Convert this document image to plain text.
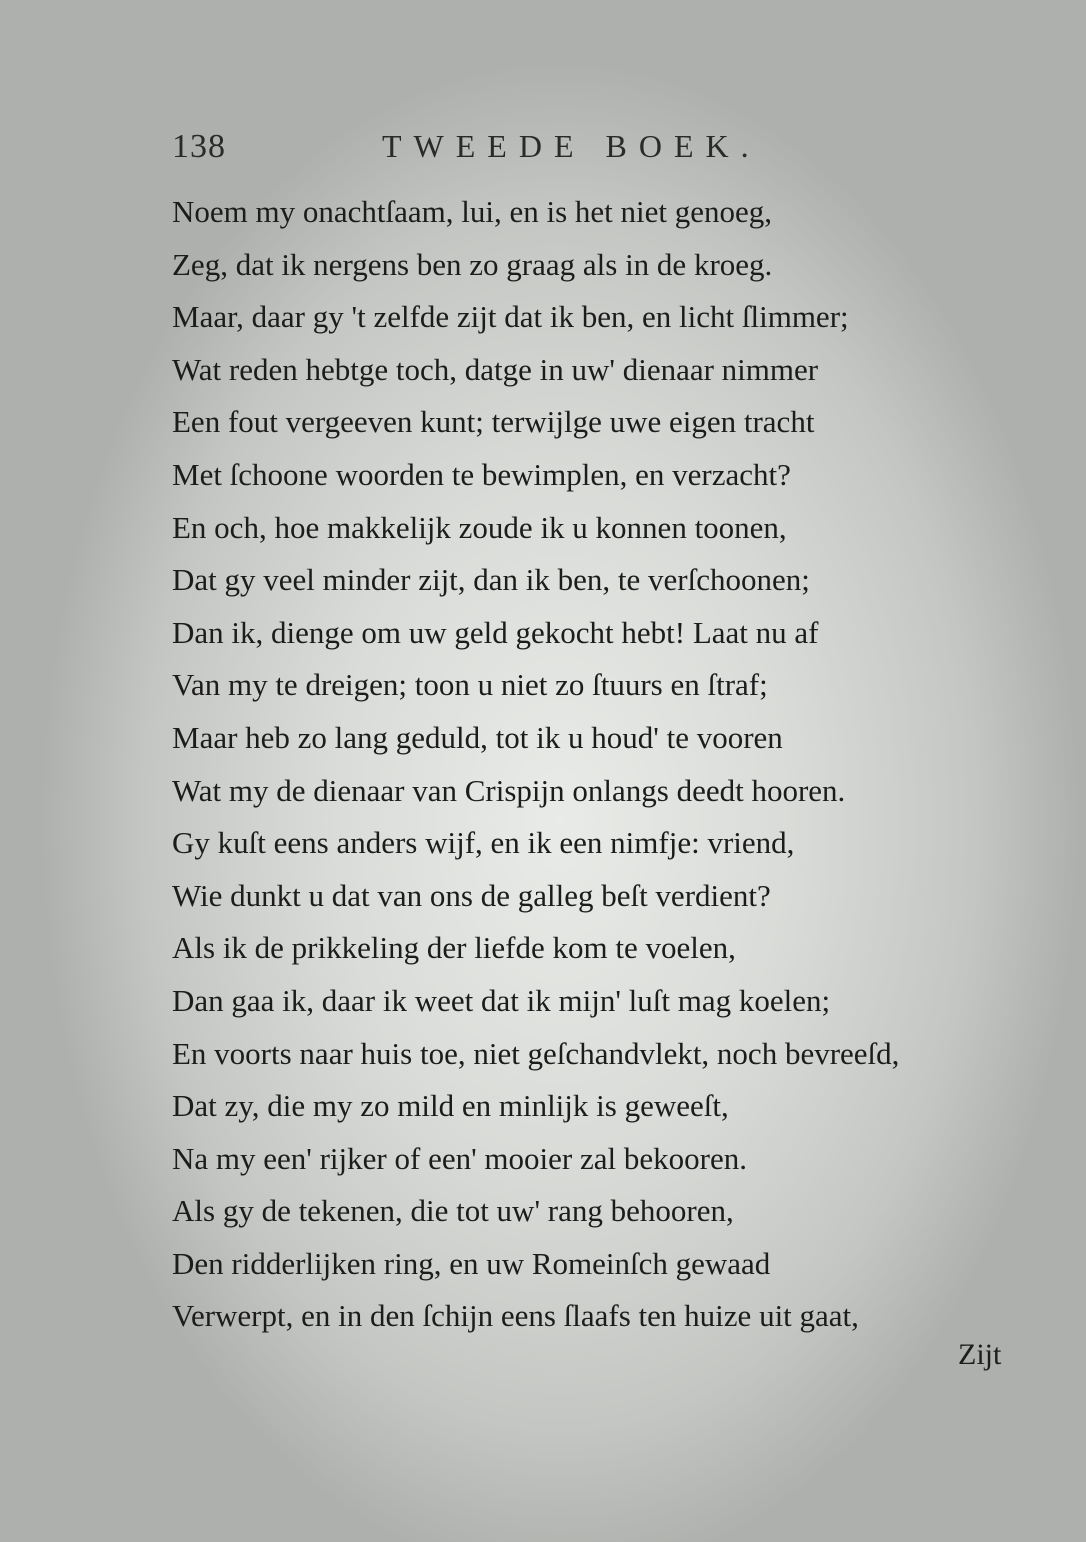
138	TWEEDE BOEK.
Noem my onachtſaam, lui, en is het niet genoeg,
Zeg, dat ik nergens ben zo graag als in de kroeg.
Maar, daar gy 't zelfde zijt dat ik ben, en licht ſlimmer;
Wat reden hebtge toch, datge in uw' dienaar nimmer
Een fout vergeeven kunt; terwijlge uwe eigen tracht
Met ſchoone woorden te bewimplen, en verzacht?
En och, hoe makkelijk zoude ik u konnen toonen,
Dat gy veel minder zijt, dan ik ben, te verſchoonen;
Dan ik, dienge om uw geld gekocht hebt! Laat nu af
Van my te dreigen; toon u niet zo ſtuurs en ſtraf;
Maar heb zo lang geduld, tot ik u houd' te vooren
Wat my de dienaar van Crispijn onlangs deedt hooren.
Gy kuſt eens anders wijf, en ik een nimfje: vriend,
Wie dunkt u dat van ons de galleg beſt verdient?
Als ik de prikkeling der liefde kom te voelen,
Dan gaa ik, daar ik weet dat ik mijn' luſt mag koelen;
En voorts naar huis toe, niet geſchandvlekt, noch bevreeſd,
Dat zy, die my zo mild en minlijk is geweeſt,
Na my een' rijker of een' mooier zal bekooren.
Als gy de tekenen, die tot uw' rang behooren,
Den ridderlijken ring, en uw Romeinſch gewaad
Verwerpt, en in den ſchijn eens ſlaafs ten huize uit gaat,
Zijt
